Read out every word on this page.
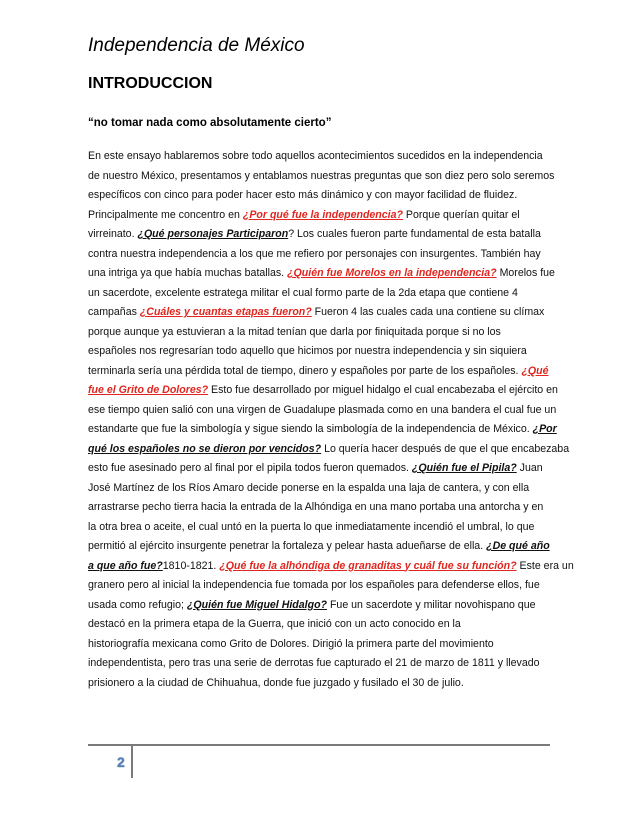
Independencia de México
INTRODUCCION
“no tomar nada como absolutamente cierto”

En este ensayo hablaremos sobre todo aquellos acontecimientos sucedidos en la independencia

de nuestro México, presentamos y entablamos nuestras preguntas que son diez pero solo seremos

específicos con cinco para poder hacer esto más dinámico y con mayor facilidad de fluidez.

Principalmente me concentro en ¿Por qué fue la independencia? Porque querían quitar el

virreinato. ¿Qué personajes Participaron? Los cuales fueron parte fundamental de esta batalla

contra nuestra independencia a los que me refiero por personajes con insurgentes. También hay

una intriga ya que había muchas batallas. ¿Quién fue Morelos en la independencia? Morelos fue

un sacerdote, excelente estratega militar el cual formo parte de la 2da etapa que contiene 4

campañas ¿Cuáles y cuantas etapas fueron? Fueron 4 las cuales cada una contiene su clímax

porque aunque ya estuvieran a la mitad tenían que darla por finiquitada porque si no los

españoles nos regresarían todo aquello que hicimos por nuestra independencia y sin siquiera

terminarla sería una pérdida total de tiempo, dinero y españoles por parte de los españoles. ¿Qué

fue el Grito de Dolores? Esto fue desarrollado por miguel hidalgo el cual encabezaba el ejército en

ese tiempo quien salió con una virgen de Guadalupe plasmada como en una bandera el cual fue un

estandarte que fue la simbología y sigue siendo la simbología de la independencia de México. ¿Por

qué los españoles no se dieron por vencidos? Lo quería hacer después de que el que encabezaba

esto fue asesinado pero al final por el pipila todos fueron quemados. ¿Quién fue el Pipila? Juan

José Martínez de los Ríos Amaro decide ponerse en la espalda una laja de cantera, y con ella

arrastrarse pecho tierra hacia la entrada de la Alhóndiga en una mano portaba una antorcha y en

la otra brea o aceite, el cual untó en la puerta lo que inmediatamente incendió el umbral, lo que

permitió al ejército insurgente penetrar la fortaleza y pelear hasta adueñarse de ella. ¿De qué año

a que año fue?1810-1821. ¿Qué fue la alhóndiga de granaditas y cuál fue su función? Este era un

granero pero al inicial la independencia fue tomada por los españoles para defenderse ellos, fue

usada como refugio; ¿Quién fue Miguel Hidalgo? Fue un sacerdote y militar novohispano que

destacó en la primera etapa de la Guerra, que inició con un acto conocido en la

historiografía mexicana como Grito de Dolores. Dirigió la primera parte del movimiento

independentista, pero tras una serie de derrotas fue capturado el 21 de marzo de 1811 y llevado

prisionero a la ciudad de Chihuahua, donde fue juzgado y fusilado el 30 de julio.

2
